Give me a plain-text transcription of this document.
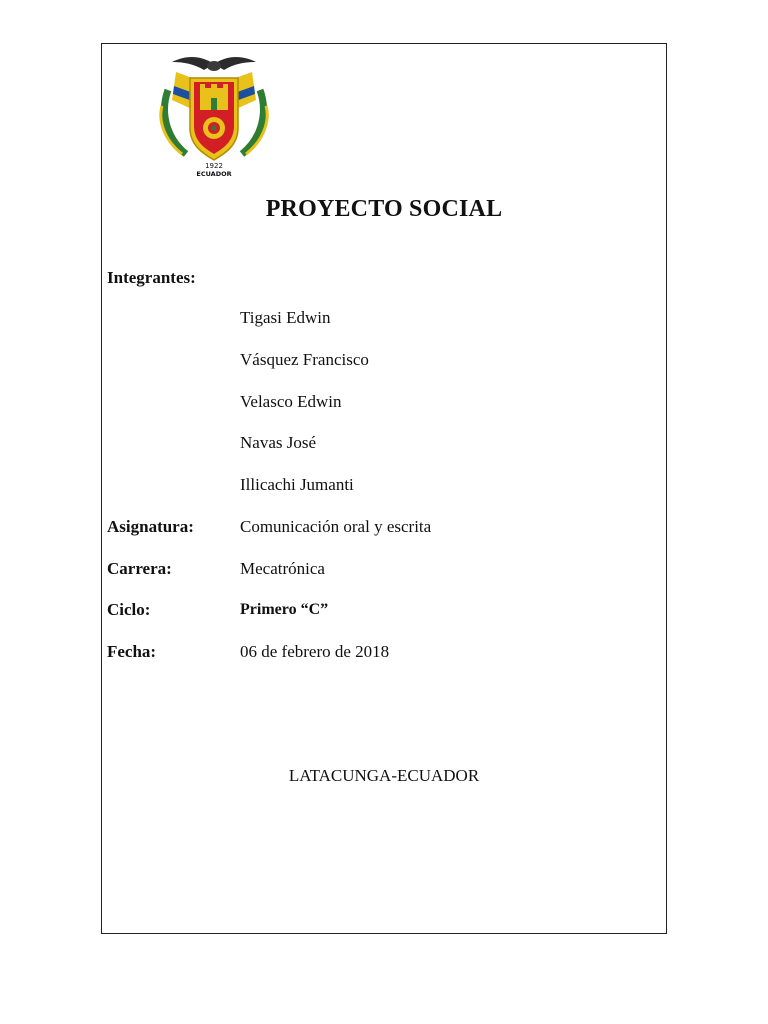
1922
ECUADOR
PROYECTO SOCIAL
Integrantes:
Tigasi Edwin
Vásquez Francisco
Velasco Edwin
Navas José
Illicachi Jumanti
Asignatura:	Comunicación oral y escrita
Carrera:	Mecatrónica
Ciclo:	Primero “C”
Fecha:	06 de febrero de 2018
LATACUNGA-ECUADOR
